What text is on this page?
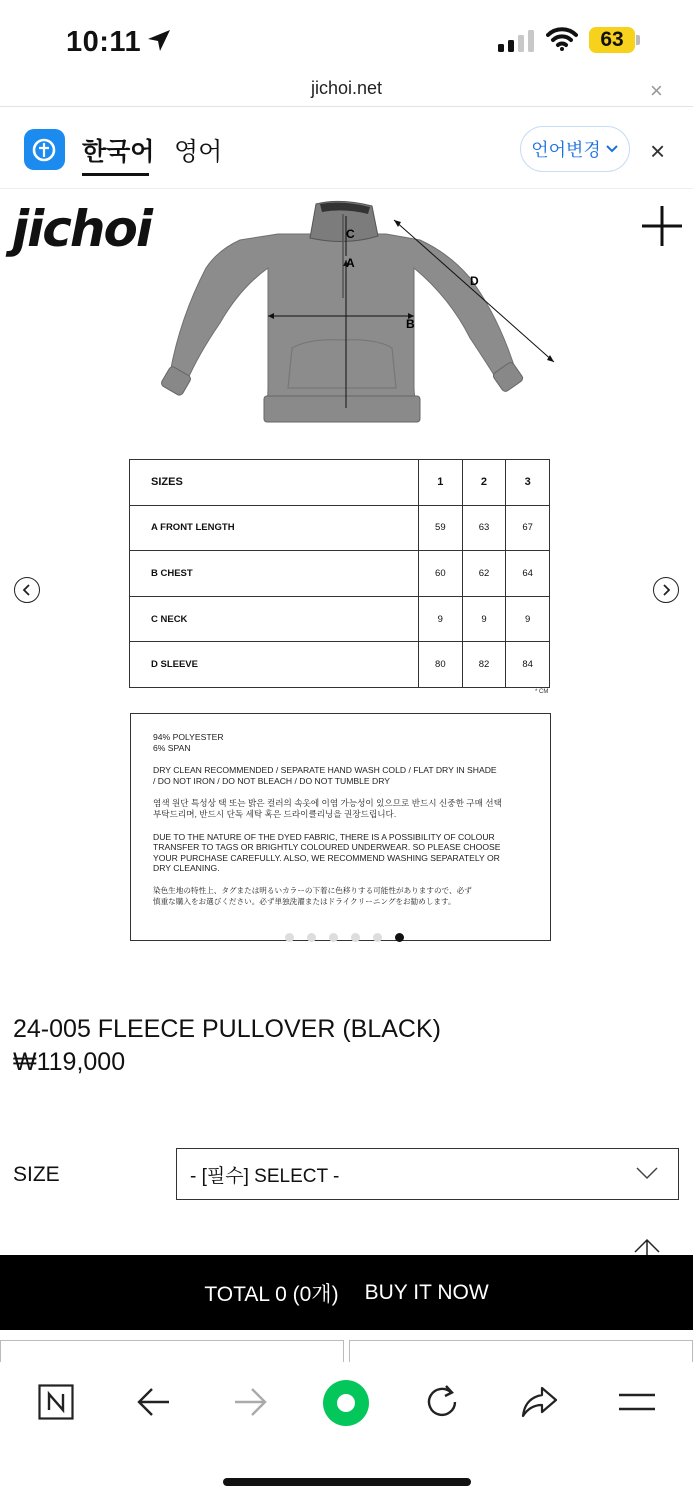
10:11	63
jichoi.net	×
한국어 영어	언어변경 ×
jichoi	C
A
D
B
SIZES	1	2	3
A FRONT LENGTH	59	63	67
B CHEST	60	62	64
C NECK	9	9	9
D SLEEVE	80	82	84
* CM

94% POLYESTER
6% SPAN

DRY CLEAN RECOMMENDED / SEPARATE HAND WASH COLD / FLAT DRY IN SHADE
/ DO NOT IRON / DO NOT BLEACH / DO NOT TUMBLE DRY

염색 원단 특성상 택 또는 밝은 컬러의 속옷에 이염 가능성이 있으므로 반드시 신중한 구매 선택
부탁드리며, 반드시 단독 세탁 혹은 드라이클리닝을 권장드립니다.

DUE TO THE NATURE OF THE DYED FABRIC, THERE IS A POSSIBILITY OF COLOUR
TRANSFER TO TAGS OR BRIGHTLY COLOURED UNDERWEAR. SO PLEASE CHOOSE
YOUR PURCHASE CAREFULLY. ALSO, WE RECOMMEND WASHING SEPARATELY OR
DRY CLEANING.

染色生地の特性上、タグまたは明るいカラーの下着に色移りする可能性がありますので、必ず
慎重な購入をお選びください。必ず単独洗濯またはドライクリーニングをお勧めします。

24-005 FLEECE PULLOVER (BLACK)
₩119,000
SIZE	- [필수] SELECT -
TOTAL 0 (0개) BUY IT NOW
